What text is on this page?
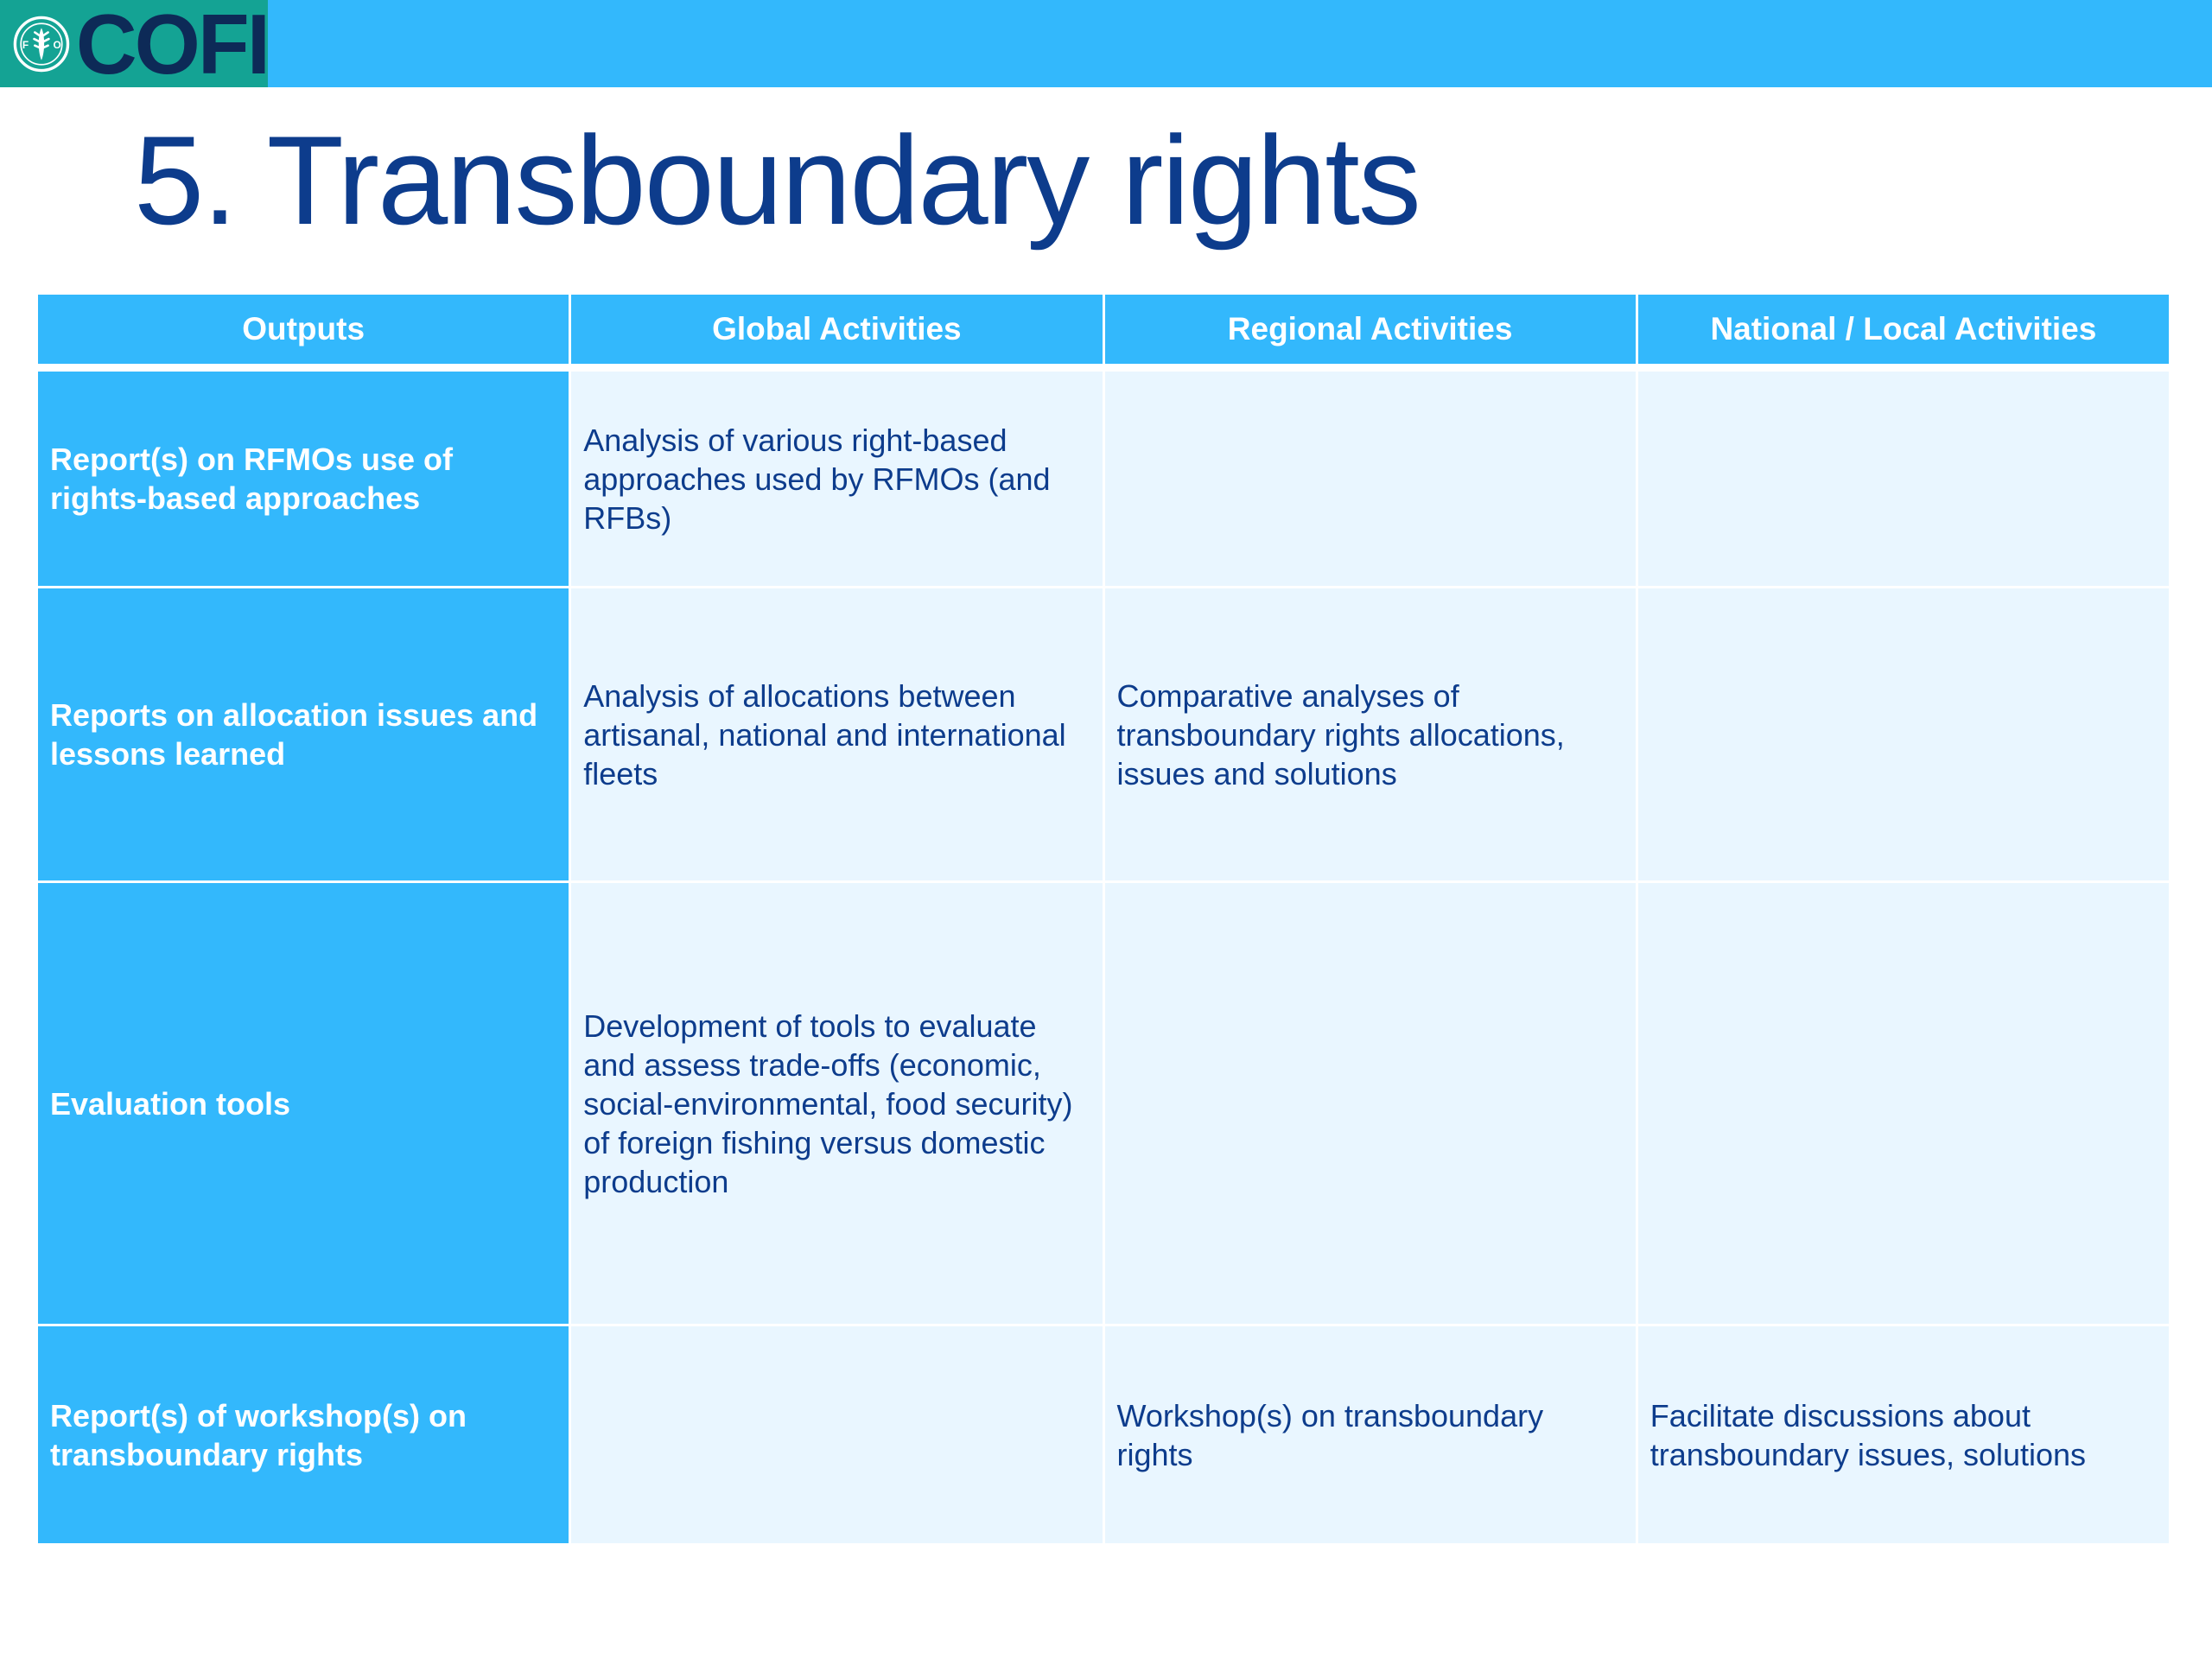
F O COFI
5. Transboundary rights
Outputs	Global Activities	Regional Activities	National / Local Activities
Report(s) on RFMOs use of rights-based approaches	Analysis of various right-based approaches used by RFMOs (and RFBs)		
Reports on allocation issues and lessons learned	Analysis of allocations between artisanal, national and international fleets	Comparative analyses of transboundary rights allocations, issues and solutions	
Evaluation tools	Development of tools to evaluate and assess trade-offs (economic, social-environmental, food security) of foreign fishing versus domestic production		
Report(s) of workshop(s) on transboundary rights		Workshop(s) on transboundary rights	Facilitate discussions about transboundary issues, solutions
